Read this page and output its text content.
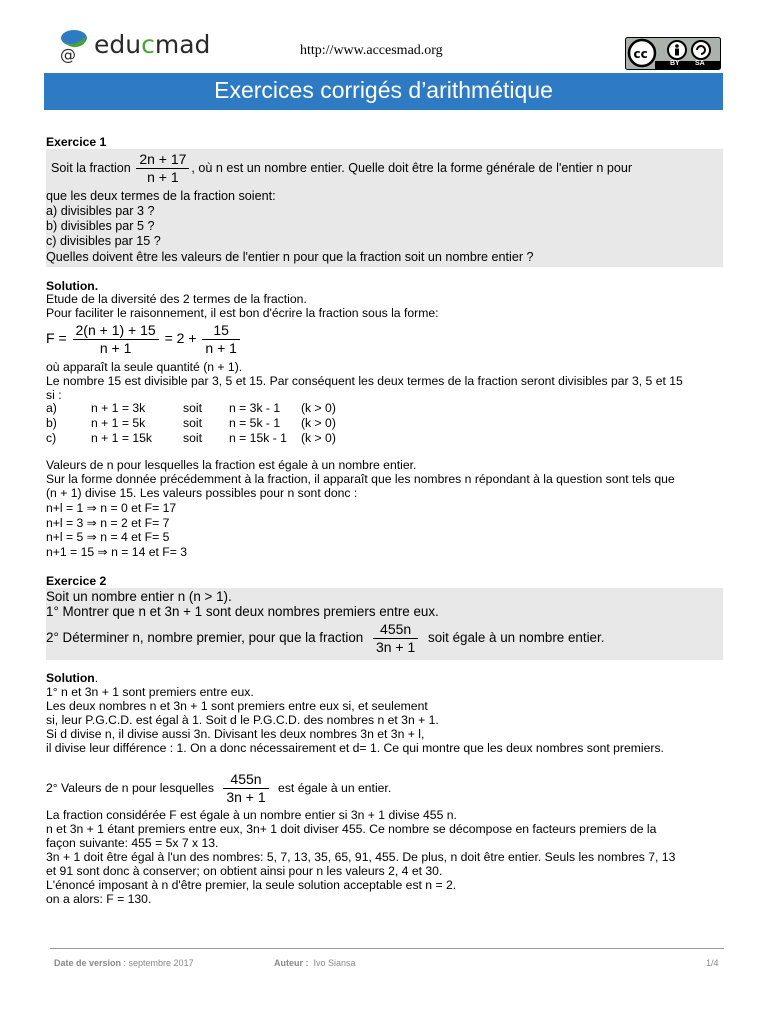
@ educmad	http://www.accesmad.org	cc
BY SA
Exercices corrigés d’arithmétique
Exercice 1
Soit la fraction $\frac{2n + 17}{n + 1}$ , où n est un nombre entier. Quelle doit être la forme générale de l'entier n pour
que les deux termes de la fraction soient:
a) divisibles par 3 ?
b) divisibles par 5 ?
c) divisibles par 15 ?
Quelles doivent être les valeurs de l'entier n pour que la fraction soit un nombre entier ?
Solution.
Etude de la diversité des 2 termes de la fraction.
Pour faciliter le raisonnement, il est bon d'écrire la fraction sous la forme:
$F = \frac{2(n + 1) + 15}{n + 1} = 2 + \frac{15}{n + 1}$
où apparaît la seule quantité (n + 1).
Le nombre 15 est divisible par 3, 5 et 15. Par conséquent les deux termes de la fraction seront divisibles par 3, 5 et 15
si :
a)	n + 1 = 3k	soit	n = 3k - 1	(k > 0)
b)	n + 1 = 5k	soit	n = 5k - 1	(k > 0)
c)	n + 1 = 15k	soit	n = 15k - 1	(k > 0)
Valeurs de n pour lesquelles la fraction est égale à un nombre entier.
Sur la forme donnée précédemment à la fraction, il apparaît que les nombres n répondant à la question sont tels que
(n + 1) divise 15. Les valeurs possibles pour n sont donc :
n+l = 1 ⇒ n = 0 et F= 17
n+l = 3 ⇒ n = 2 et F= 7
n+l = 5 ⇒ n = 4 et F= 5
n+1 = 15 ⇒ n = 14 et F= 3
Exercice 2
Soit un nombre entier n (n > 1).
1° Montrer que n et 3n + 1 sont deux nombres premiers entre eux.
2° Déterminer n, nombre premier, pour que la fraction $\frac{455n}{3n + 1}$ soit égale à un nombre entier.
Solution.
1° n et 3n + 1 sont premiers entre eux.
Les deux nombres n et 3n + 1 sont premiers entre eux si, et seulement
si, leur P.G.C.D. est égal à 1. Soit d le P.G.C.D. des nombres n et 3n + 1.
Si d divise n, il divise aussi 3n. Divisant les deux nombres 3n et 3n + l,
il divise leur différence : 1. On a donc nécessairement et d= 1. Ce qui montre que les deux nombres sont premiers.
2° Valeurs de n pour lesquelles $\frac{455n}{3n + 1}$ est égale à un entier.
La fraction considérée F est égale à un nombre entier si 3n + 1 divise 455 n.
n et 3n + 1 étant premiers entre eux, 3n+ 1 doit diviser 455. Ce nombre se décompose en facteurs premiers de la
façon suivante: 455 = 5x 7 x 13.
3n + 1 doit être égal à l'un des nombres: 5, 7, 13, 35, 65, 91, 455. De plus, n doit être entier. Seuls les nombres 7, 13
et 91 sont donc à conserver; on obtient ainsi pour n les valeurs 2, 4 et 30.
L'énoncé imposant à n d'être premier, la seule solution acceptable est n = 2.
on a alors: F = 130.
Date de version : septembre 2017	Auteur : Ivo Siansa	1/4
